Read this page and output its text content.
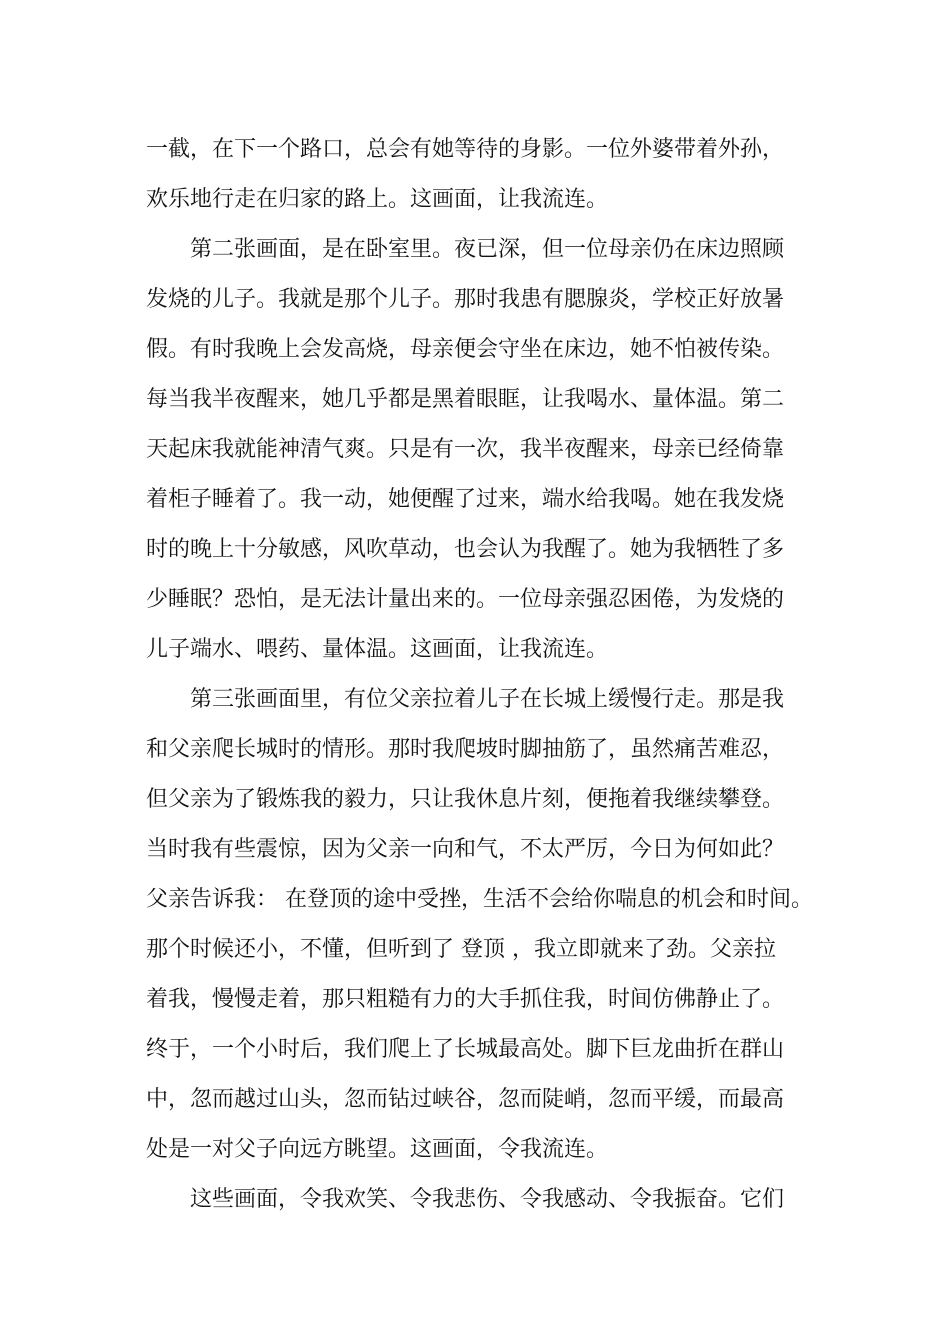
一截，在下一个路口，总会有她等待的身影。一位外婆带着外孙，
欢乐地行走在归家的路上。这画面，让我流连。
第二张画面，是在卧室里。夜已深，但一位母亲仍在床边照顾
发烧的儿子。我就是那个儿子。那时我患有腮腺炎，学校正好放暑
假。有时我晚上会发高烧，母亲便会守坐在床边，她不怕被传染。
每当我半夜醒来，她几乎都是黑着眼眶，让我喝水、量体温。第二
天起床我就能神清气爽。只是有一次，我半夜醒来，母亲已经倚靠
着柜子睡着了。我一动，她便醒了过来，端水给我喝。她在我发烧
时的晚上十分敏感，风吹草动，也会认为我醒了。她为我牺牲了多
少睡眠？恐怕，是无法计量出来的。一位母亲强忍困倦，为发烧的
儿子端水、喂药、量体温。这画面，让我流连。
第三张画面里，有位父亲拉着儿子在长城上缓慢行走。那是我
和父亲爬长城时的情形。那时我爬坡时脚抽筋了，虽然痛苦难忍，
但父亲为了锻炼我的毅力，只让我休息片刻，便拖着我继续攀登。
当时我有些震惊，因为父亲一向和气，不太严厉，今日为何如此？
父亲告诉我： 在登顶的途中受挫，生活不会给你喘息的机会和时间。
那个时候还小，不懂，但听到了 登顶 ，我立即就来了劲。父亲拉
着我，慢慢走着，那只粗糙有力的大手抓住我，时间仿佛静止了。
终于，一个小时后，我们爬上了长城最高处。脚下巨龙曲折在群山
中，忽而越过山头，忽而钻过峡谷，忽而陡峭，忽而平缓，而最高
处是一对父子向远方眺望。这画面，令我流连。
这些画面，令我欢笑、令我悲伤、令我感动、令我振奋。它们
